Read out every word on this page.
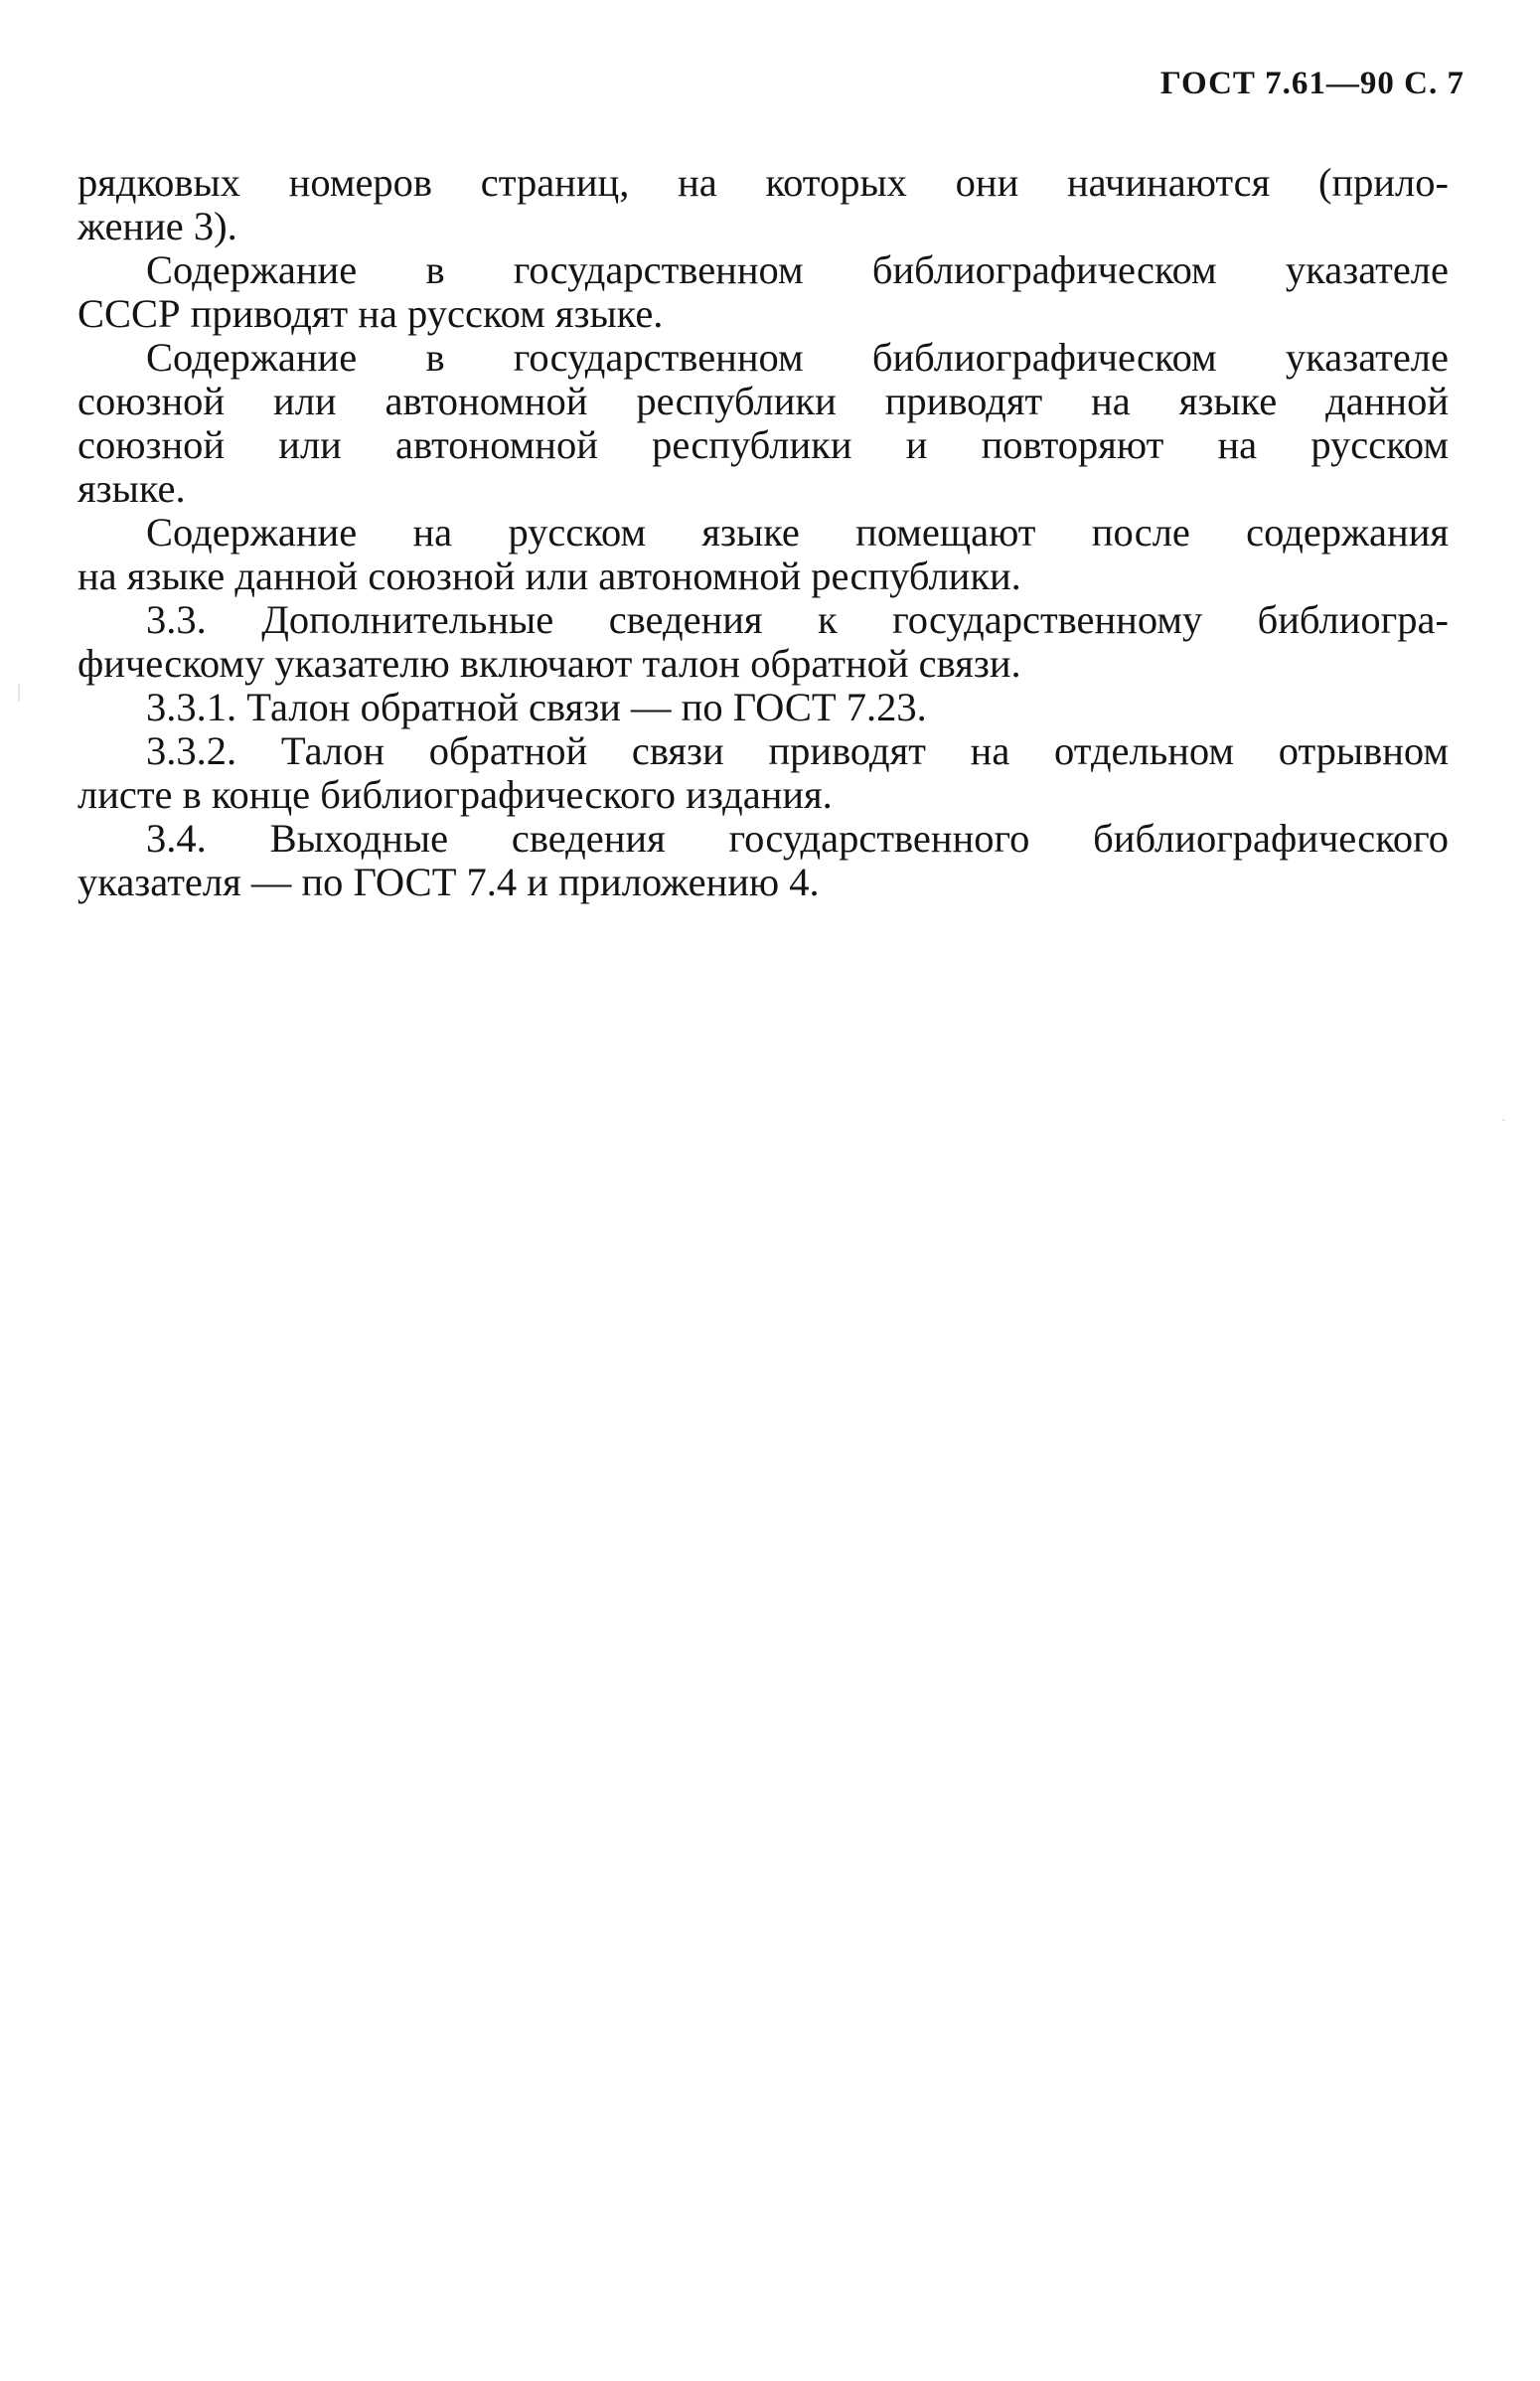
ГОСТ 7.61—90 С. 7
рядковых номеров страниц, на которых они начинаются (прило-
жение 3).
Содержание в государственном библиографическом указателе
СССР приводят на русском языке.
Содержание в государственном библиографическом указателе
союзной или автономной республики приводят на языке данной
союзной или автономной республики и повторяют на русском
языке.
Содержание на русском языке помещают после содержания
на языке данной союзной или автономной республики.
3.3. Дополнительные сведения к государственному библиогра-
фическому указателю включают талон обратной связи.
3.3.1. Талон обратной связи — по ГОСТ 7.23.
3.3.2. Талон обратной связи приводят на отдельном отрывном
листе в конце библиографического издания.
3.4. Выходные сведения государственного библиографического
указателя — по ГОСТ 7.4 и приложению 4.
